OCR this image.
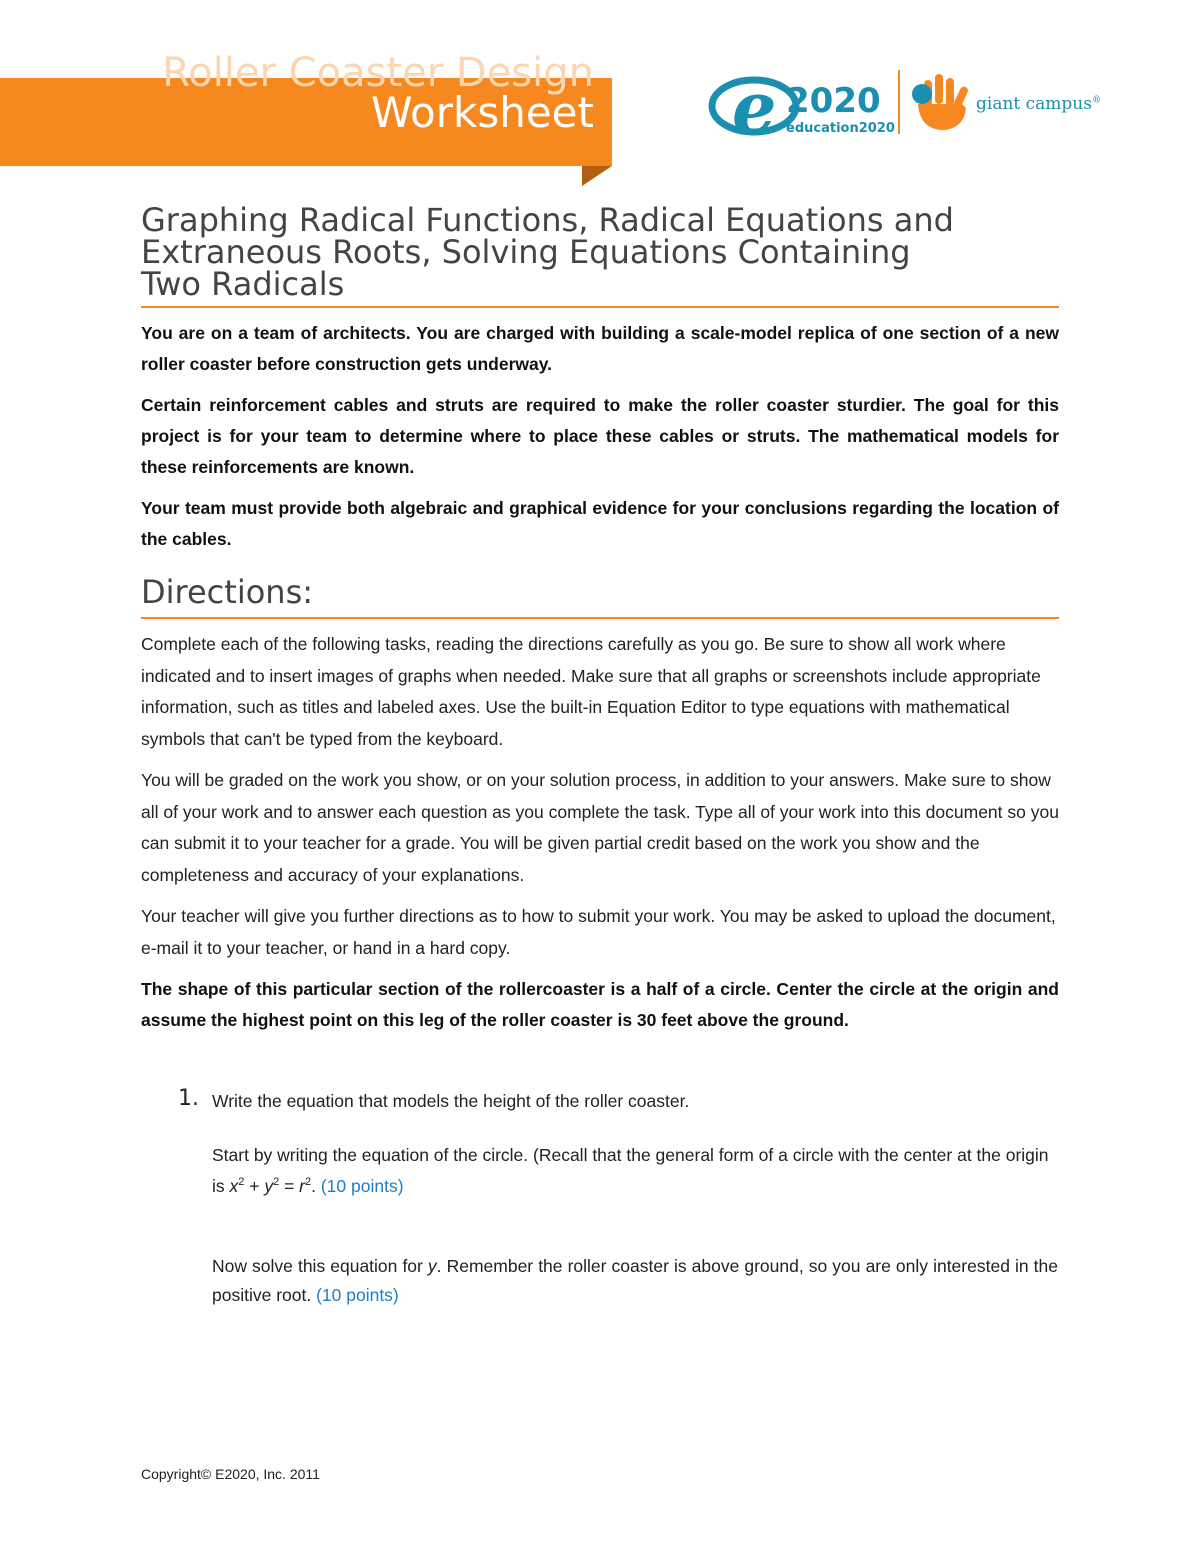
Roller Coaster Design
Worksheet e 2020
education2020
giant campus®
Graphing Radical Functions, Radical Equations and
Extraneous Roots, Solving Equations Containing
Two Radicals

You are on a team of architects. You are charged with building a scale-model replica of one section of a new roller coaster before construction gets underway.

Certain reinforcement cables and struts are required to make the roller coaster sturdier. The goal for this project is for your team to determine where to place these cables or struts. The mathematical models for these reinforcements are known.

Your team must provide both algebraic and graphical evidence for your conclusions regarding the location of the cables.

Directions:

Complete each of the following tasks, reading the directions carefully as you go. Be sure to show all work where indicated and to insert images of graphs when needed. Make sure that all graphs or screenshots include appropriate information, such as titles and labeled axes. Use the built-in Equation Editor to type equations with mathematical symbols that can't be typed from the keyboard.

You will be graded on the work you show, or on your solution process, in addition to your answers. Make sure to show all of your work and to answer each question as you complete the task. Type all of your work into this document so you can submit it to your teacher for a grade. You will be given partial credit based on the work you show and the completeness and accuracy of your explanations.

Your teacher will give you further directions as to how to submit your work. You may be asked to upload the document, e-mail it to your teacher, or hand in a hard copy.

The shape of this particular section of the rollercoaster is a half of a circle. Center the circle at the origin and assume the highest point on this leg of the roller coaster is 30 feet above the ground.

1. Write the equation that models the height of the roller coaster.
Start by writing the equation of the circle. (Recall that the general form of a circle with the center at the origin is $x^2 + y^2 = r^2$. (10 points)
Now solve this equation for y. Remember the roller coaster is above ground, so you are only interested in the positive root. (10 points)
Copyright© E2020, Inc. 2011
